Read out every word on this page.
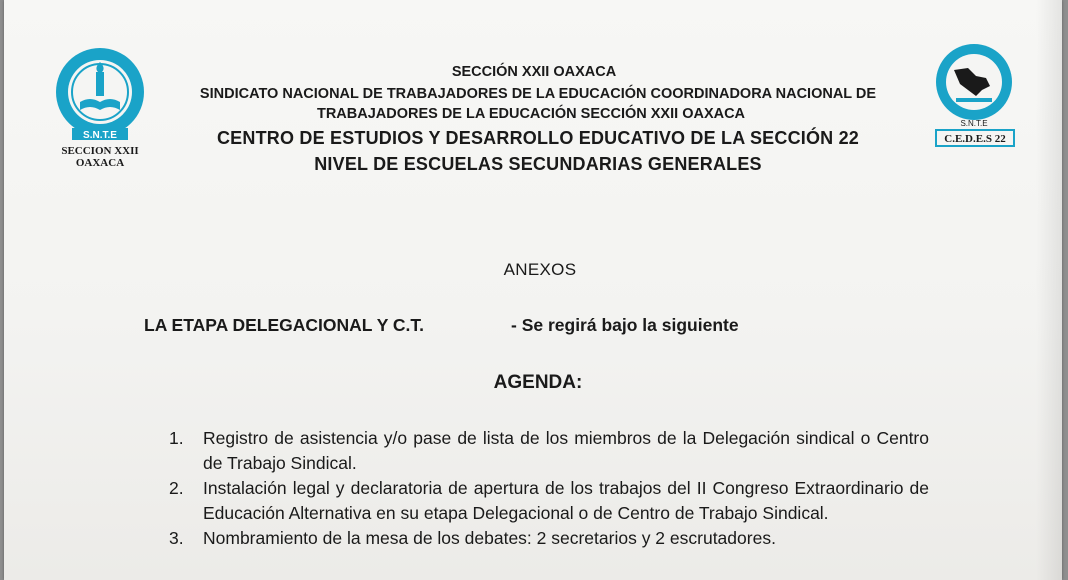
S.N.T.E
SECCION XXII
OAXACA
S.N.T.E
C.E.D.E.S 22
SECCIÓN XXII OAXACA
SINDICATO NACIONAL DE TRABAJADORES DE LA EDUCACIÓN COORDINADORA NACIONAL DE
TRABAJADORES DE LA EDUCACIÓN SECCIÓN XXII OAXACA
CENTRO DE ESTUDIOS Y DESARROLLO EDUCATIVO DE LA SECCIÓN 22
NIVEL DE ESCUELAS SECUNDARIAS GENERALES
ANEXOS
LA ETAPA DELEGACIONAL Y C.T.	- Se regirá bajo la siguiente
AGENDA:
1. Registro de asistencia y/o pase de lista de los miembros de la Delegación sindical o Centro de Trabajo Sindical.
2. Instalación legal y declaratoria de apertura de los trabajos del II Congreso Extraordinario de Educación Alternativa en su etapa Delegacional o de Centro de Trabajo Sindical.
3. Nombramiento de la mesa de los debates: 2 secretarios y 2 escrutadores.
